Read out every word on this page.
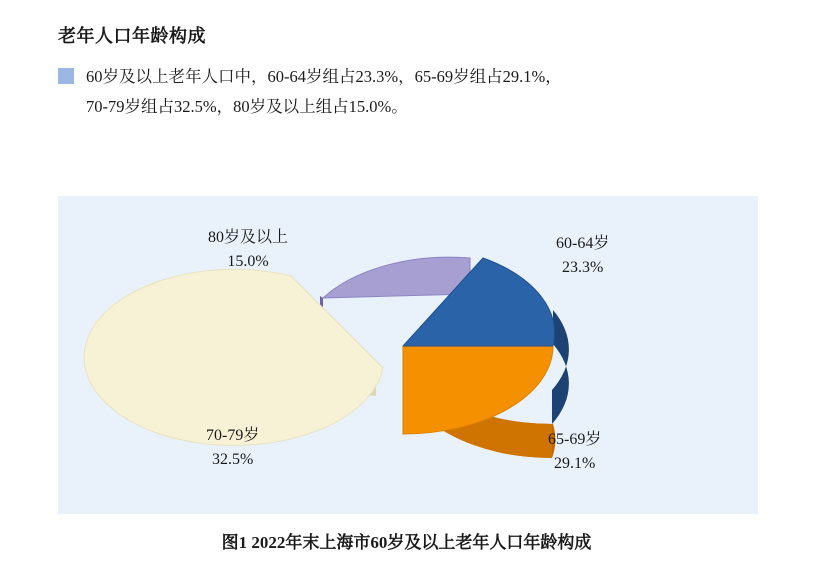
老年人口年龄构成
60岁及以上老年人口中，60-64岁组占23.3%，65-69岁组占29.1%，
70-79岁组占32.5%，80岁及以上组占15.0%。
60-64岁
23.3%
65-69岁
29.1%
70-79岁
32.5%
80岁及以上
15.0%
图1 2022年末上海市60岁及以上老年人口年龄构成
